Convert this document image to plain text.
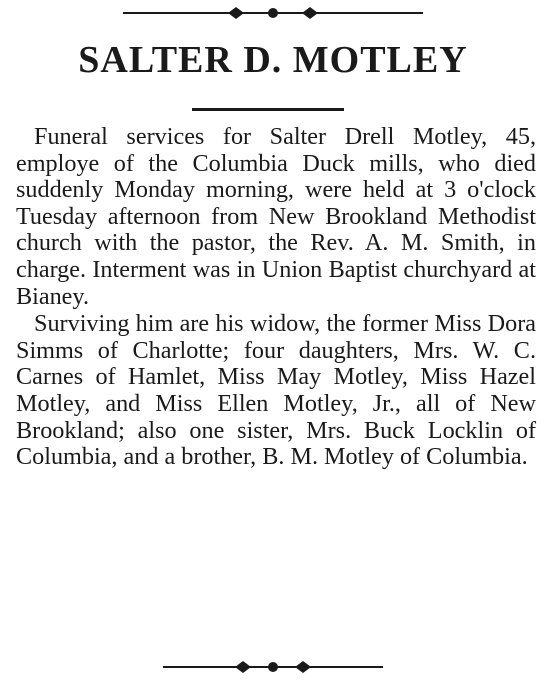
SALTER D. MOTLEY

Funeral services for Salter Drell Motley, 45, employe of the Columbia Duck mills, who died suddenly Monday morning, were held at 3 o'clock Tuesday afternoon from New Brookland Methodist church with the pastor, the Rev. A. M. Smith, in charge. Interment was in Union Baptist churchyard at Bianey.

Surviving him are his widow, the former Miss Dora Simms of Charlotte; four daughters, Mrs. W. C. Carnes of Hamlet, Miss May Motley, Miss Hazel Motley, and Miss Ellen Motley, Jr., all of New Brookland; also one sister, Mrs. Buck Locklin of Columbia, and a brother, B. M. Motley of Columbia.
